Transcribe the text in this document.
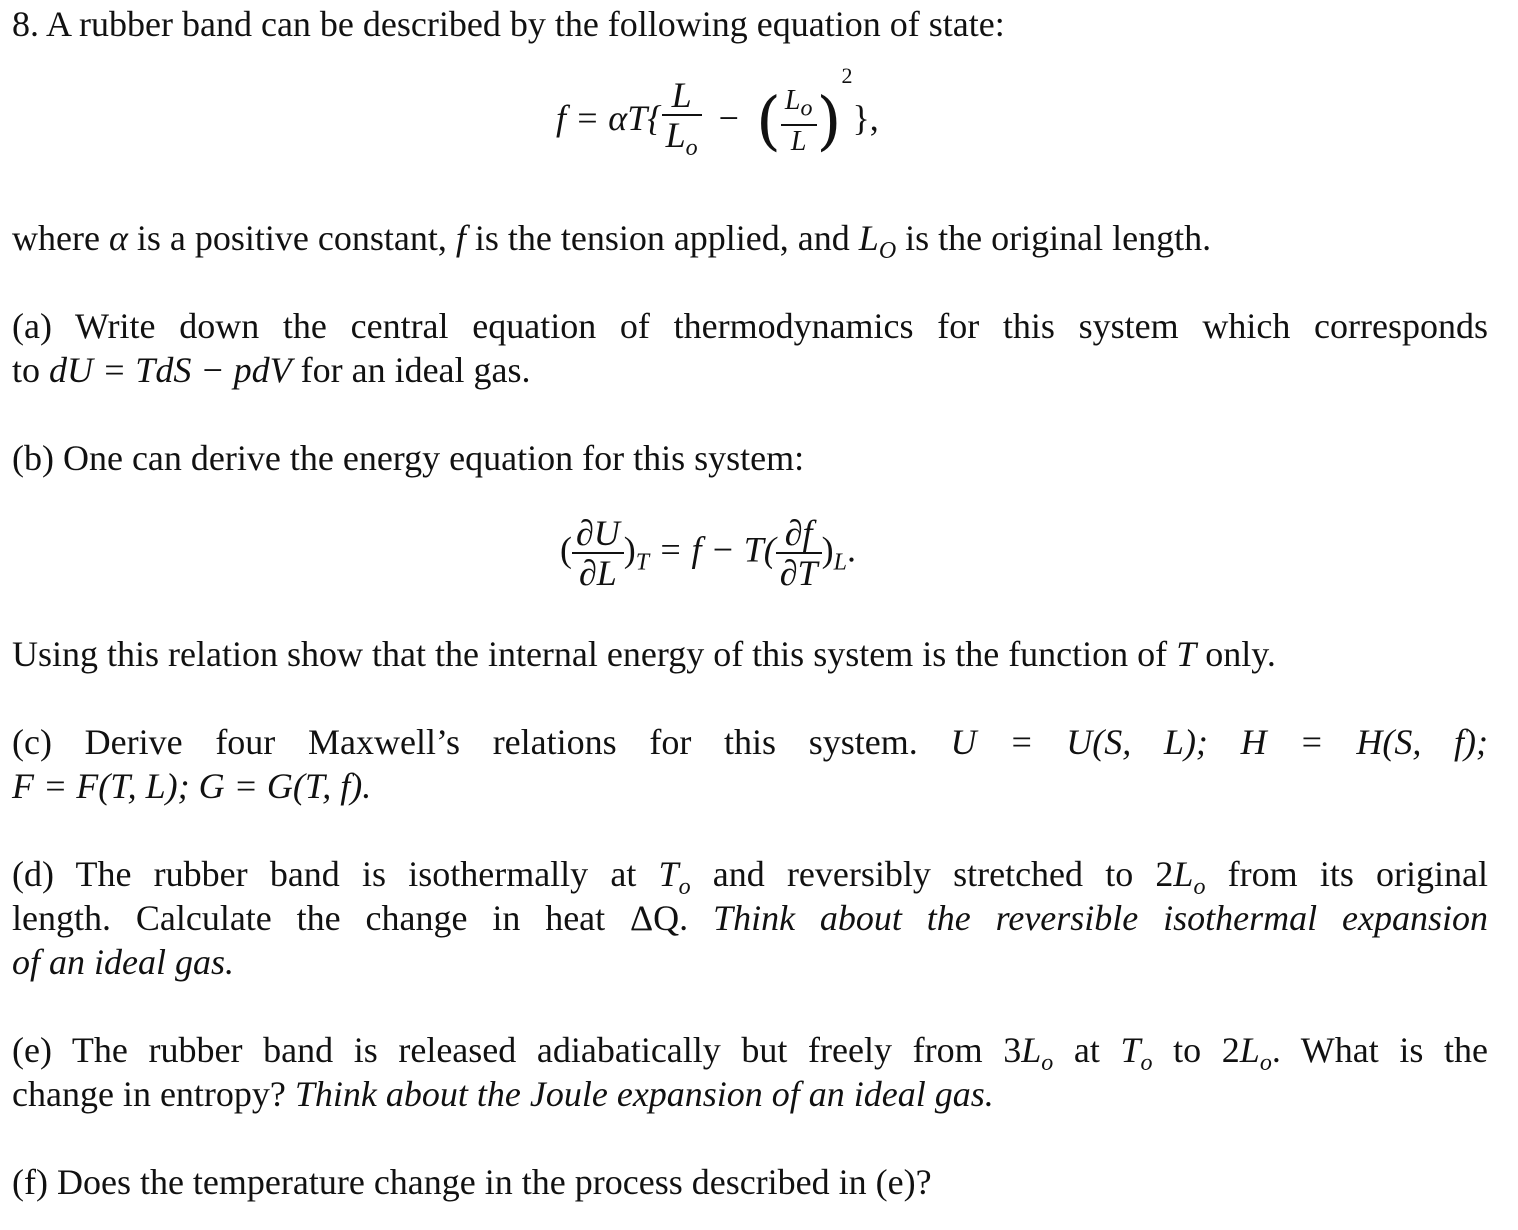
8. A rubber band can be described by the following equation of state:
$f = \alpha T\{ \frac{L}{L_o}$ − ( $\frac{L_o}{L} )^2$},
where α is a positive constant, f is the tension applied, and $L_O$ is the original length.
(a) Write down the central equation of thermodynamics for this system which corresponds
to dU = TdS − pdV for an ideal gas.
(b) One can derive the energy equation for this system:
( $\frac{\partial U}{\partial L} )_T = f - T( \frac{\partial f}{\partial T} )_L$.
Using this relation show that the internal energy of this system is the function of T only.
(c) Derive four Maxwell’s relations for this system. U = U(S, L); H = H(S, f);
F = F(T, L); G = G(T, f).
(d) The rubber band is isothermally at $T_o$ and reversibly stretched to $2L_o$ from its original
length. Calculate the change in heat ΔQ. Think about the reversible isothermal expansion
of an ideal gas.
(e) The rubber band is released adiabatically but freely from $3L_o$ at $T_o$ to $2L_o$. What is the
change in entropy? Think about the Joule expansion of an ideal gas.
(f) Does the temperature change in the process described in (e)?
